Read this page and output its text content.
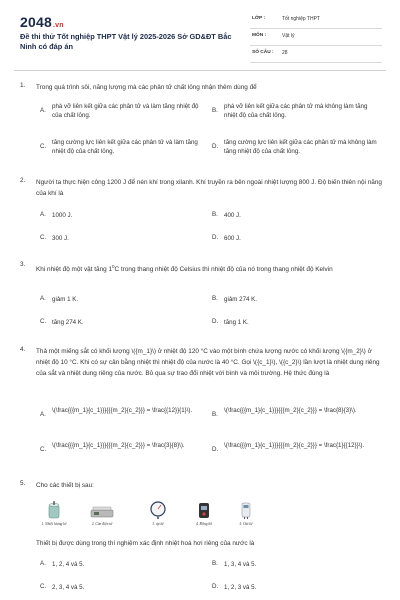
2048.vn
Đề thi thử Tốt nghiệp THPT Vật lý 2025-2026 Sở GD&ĐT Bắc Ninh có đáp án
LỚP :	Tốt nghiệp THPT
MÔN :	Vật lý
SỐ CÂU : 28
1. Trong quá trình sôi, năng lượng mà các phân tử chất lỏng nhận thêm dùng để
A.
phá vỡ liên kết giữa các phân tử và làm tăng nhiệt độ của chất lỏng.
B.
phá vỡ liên kết giữa các phân tử mà không làm tăng nhiệt độ của chất lỏng.
C.
tăng cường lực liên kết giữa các phân tử và làm tăng nhiệt độ của chất lỏng.
D.
tăng cường lực liên kết giữa các phân tử mà không làm tăng nhiệt độ của chất lỏng.
2. Người ta thực hiện công 1200 J để nén khí trong xilanh. Khí truyền ra bên ngoài nhiệt lượng 800 J. Độ biến thiên nội năng của khí là
A. 1000 J.	B. 400 J.
C. 300 J.	D. 600 J.
3.
Khi nhiệt độ một vật tăng $1^0C$ trong thang nhiệt độ Celsius thì nhiệt độ của nó trong thang nhiệt độ Kelvin
A. giảm 1 K.	B. giảm 274 K.
C. tăng 274 K.	D. tăng 1 K.
4. Thả một miếng sắt có khối lượng \({m_1}\) ở nhiệt độ 120 °C vào một bình chứa lượng nước có khối lượng \({m_2}\) ở nhiệt độ 10 °C. Khi có sự cân bằng nhiệt thì nhiệt độ của nước là 40 °C. Gọi \({c_1}\), \({c_2}\) lần lượt là nhiệt dung riêng của sắt và nhiệt dung riêng của nước. Bỏ qua sự trao đổi nhiệt với bình và môi trường. Hệ thức đúng là
A.
\(\frac{{{m_1}{c_1}}}{{{m_2}{c_2}}} = \frac{{12}}{1}\).
B.
\(\frac{{{m_1}{c_1}}}{{{m_2}{c_2}}} = \frac{8}{3}\).
C.
\(\frac{{{m_1}{c_1}}}{{{m_2}{c_2}}} = \frac{3}{8}\).
D.
\(\frac{{{m_1}{c_1}}}{{{m_2}{c_2}}} = \frac{1}{{12}}\).
5. Cho các thiết bị sau:
1. Nhiệt lượng kế	2. Cân điện tử	3. áp kế	4. Đồng hồ	5. Oát kế
Thiết bị được dùng trong thí nghiệm xác định nhiệt hoá hơi riêng của nước là
A. 1, 2, 4 và 5.	B. 1, 3, 4 và 5.
C. 2, 3, 4 và 5.	D. 1, 2, 3 và 5.
